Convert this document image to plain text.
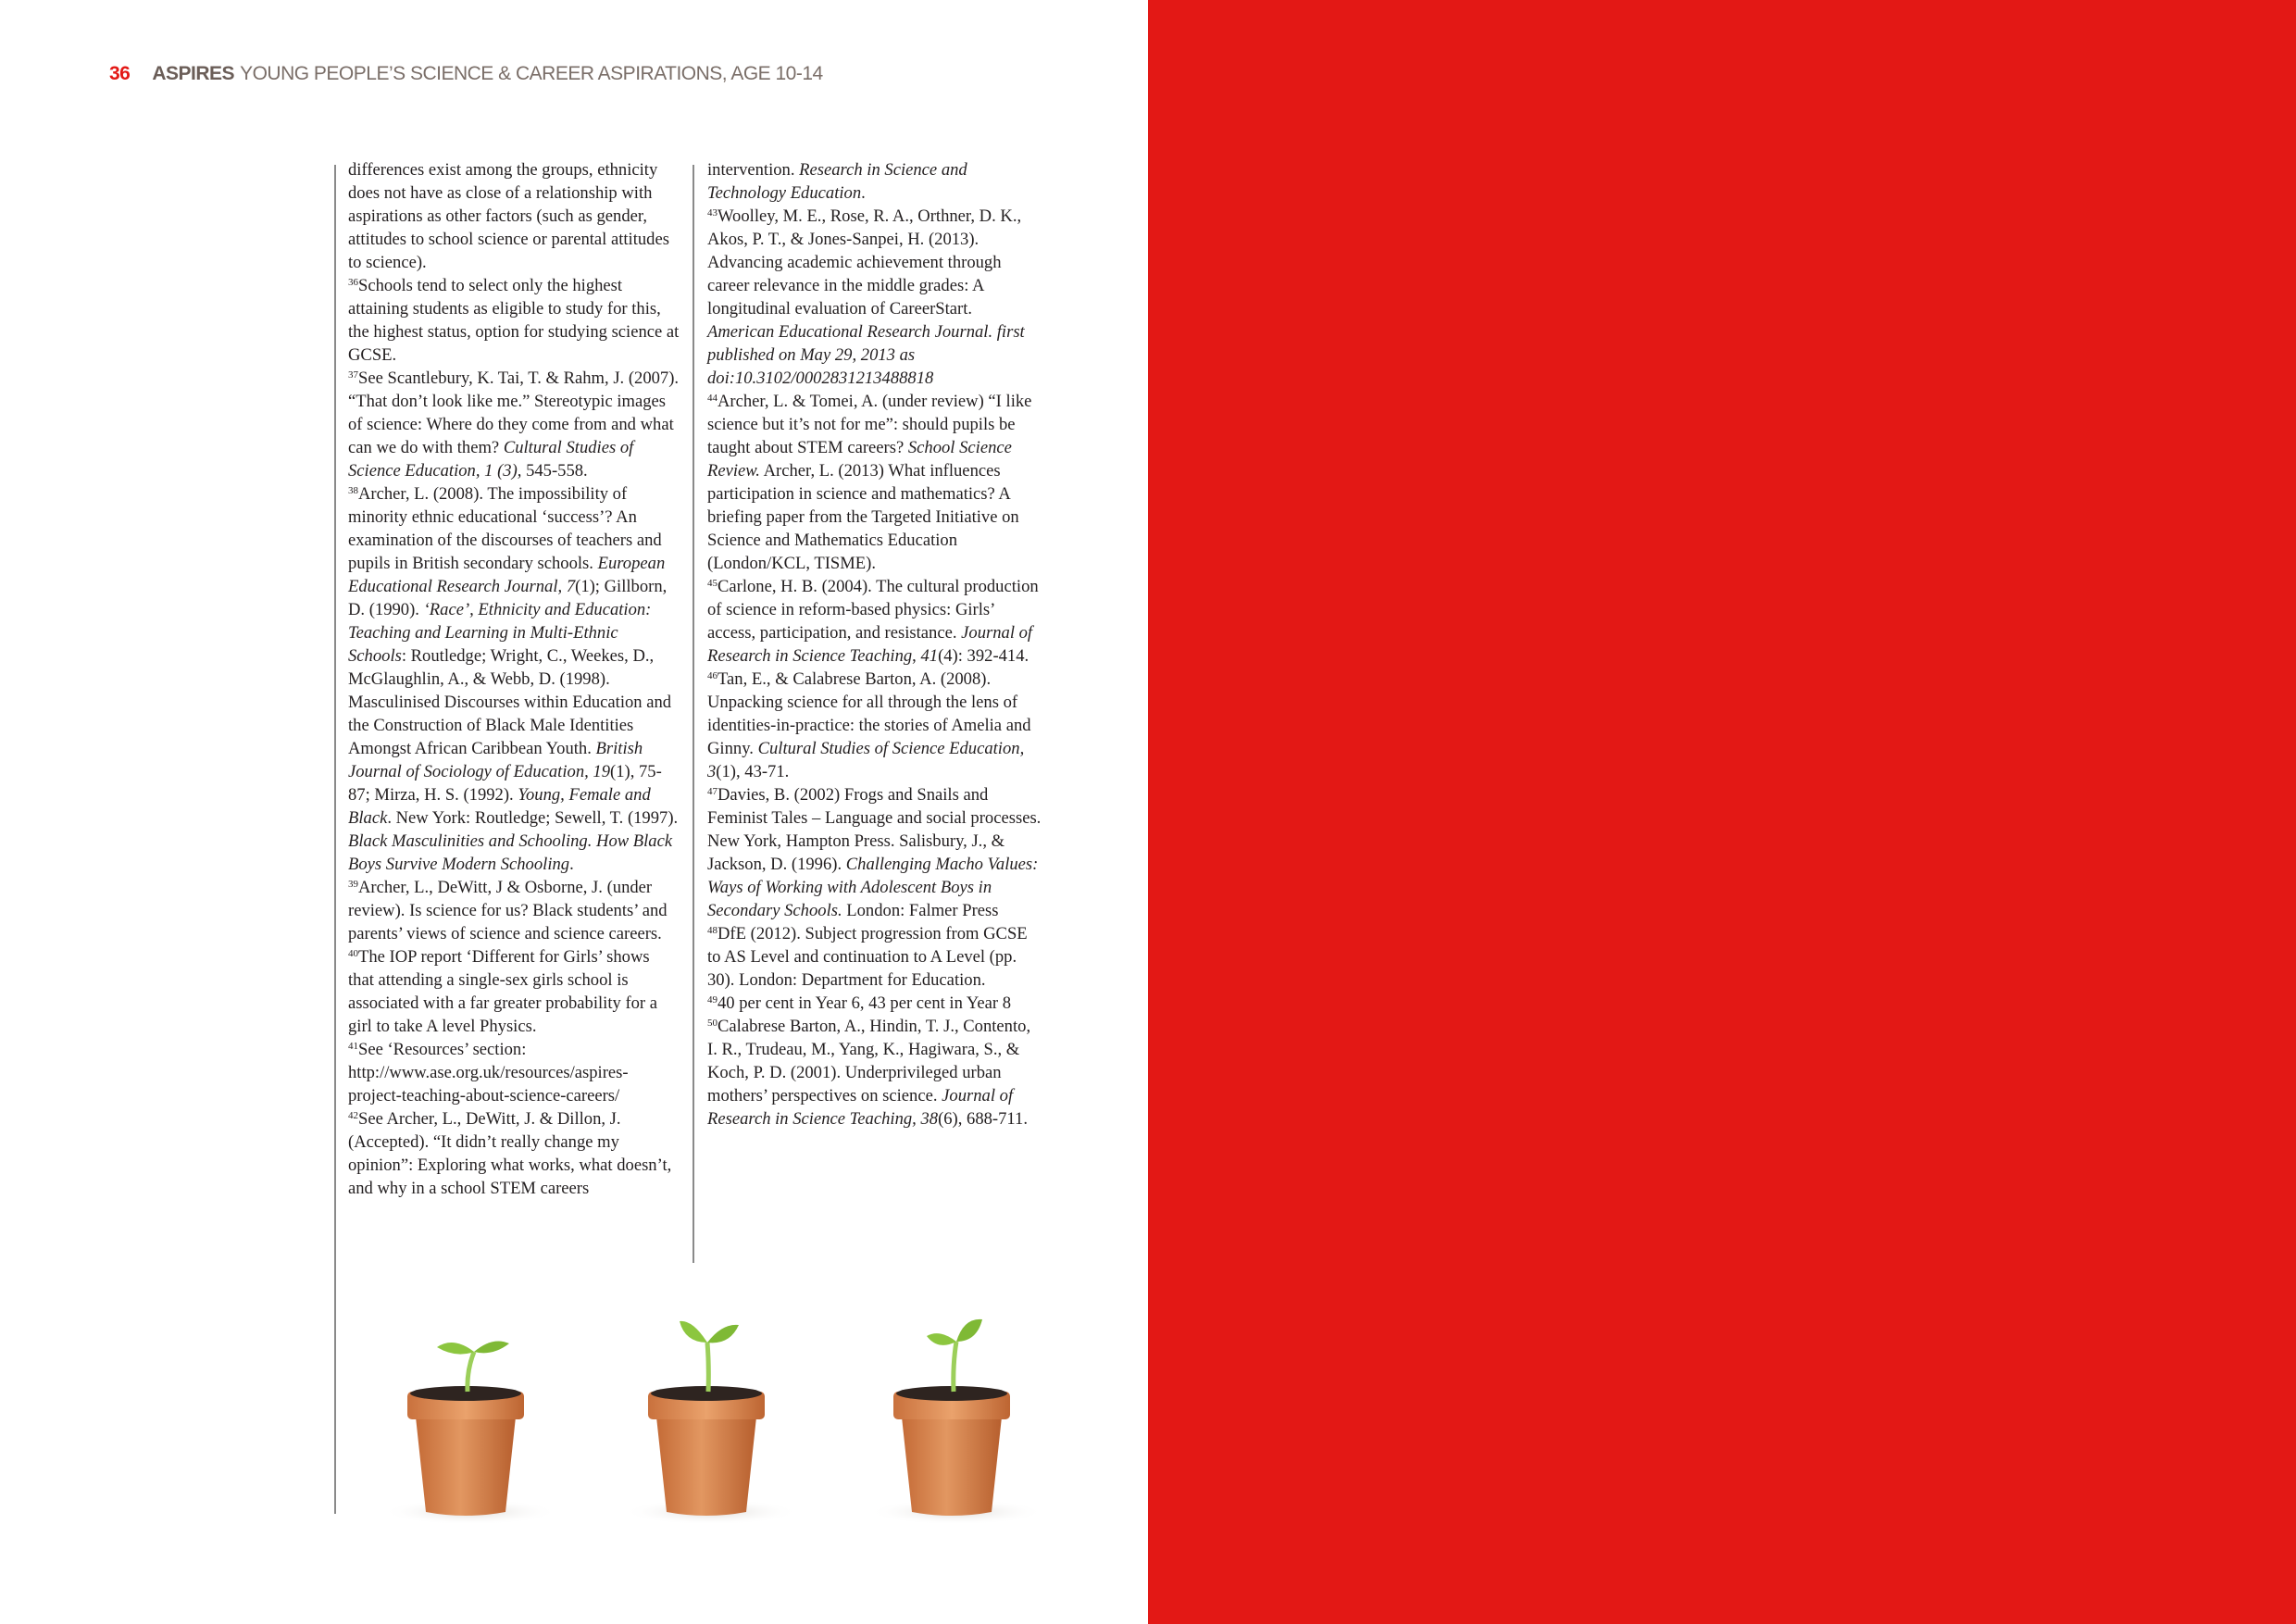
36 ASPIRES YOUNG PEOPLE’S SCIENCE & CAREER ASPIRATIONS, AGE 10-14

differences exist among the groups, ethnicity does not have as close of a relationship with aspirations as other factors (such as gender, attitudes to school science or parental attitudes to science).

$^{36}$Schools tend to select only the highest attaining students as eligible to study for this, the highest status, option for studying science at GCSE.

$^{37}$See Scantlebury, K. Tai, T. & Rahm, J. (2007). “That don’t look like me.” Stereotypic images of science: Where do they come from and what can we do with them? Cultural Studies of Science Education, 1 (3), 545-558.

$^{38}$Archer, L. (2008). The impossibility of minority ethnic educational ‘success’? An examination of the discourses of teachers and pupils in British secondary schools. European Educational Research Journal, 7(1); Gillborn, D. (1990). ‘Race’, Ethnicity and Education: Teaching and Learning in Multi-Ethnic Schools: Routledge; Wright, C., Weekes, D., McGlaughlin, A., & Webb, D. (1998). Masculinised Discourses within Education and the Construction of Black Male Identities Amongst African Caribbean Youth. British Journal of Sociology of Education, 19(1), 75-87; Mirza, H. S. (1992). Young, Female and Black. New York: Routledge; Sewell, T. (1997). Black Masculinities and Schooling. How Black Boys Survive Modern Schooling.

$^{39}$Archer, L., DeWitt, J & Osborne, J. (under review). Is science for us? Black students’ and parents’ views of science and science careers.

$^{40}$The IOP report ‘Different for Girls’ shows that attending a single-sex girls school is associated with a far greater probability for a girl to take A level Physics.

$^{41}$See ‘Resources’ section: http://www.ase.org.uk/resources/aspires-project-teaching-about-science-careers/

$^{42}$See Archer, L., DeWitt, J. & Dillon, J. (Accepted). “It didn’t really change my opinion”: Exploring what works, what doesn’t, and why in a school STEM careers

intervention. Research in Science and Technology Education.

$^{43}$Woolley, M. E., Rose, R. A., Orthner, D. K., Akos, P. T., & Jones-Sanpei, H. (2013). Advancing academic achievement through career relevance in the middle grades: A longitudinal evaluation of CareerStart. American Educational Research Journal. first published on May 29, 2013 as doi:10.3102/0002831213488818

$^{44}$Archer, L. & Tomei, A. (under review) “I like science but it’s not for me”: should pupils be taught about STEM careers? School Science Review. Archer, L. (2013) What influences participation in science and mathematics? A briefing paper from the Targeted Initiative on Science and Mathematics Education (London/KCL, TISME).

$^{45}$Carlone, H. B. (2004). The cultural production of science in reform-based physics: Girls’ access, participation, and resistance. Journal of Research in Science Teaching, 41(4): 392-414.

$^{46}$Tan, E., & Calabrese Barton, A. (2008). Unpacking science for all through the lens of identities-in-practice: the stories of Amelia and Ginny. Cultural Studies of Science Education, 3(1), 43-71.

$^{47}$Davies, B. (2002) Frogs and Snails and Feminist Tales – Language and social processes. New York, Hampton Press. Salisbury, J., & Jackson, D. (1996). Challenging Macho Values: Ways of Working with Adolescent Boys in Secondary Schools. London: Falmer Press

$^{48}$DfE (2012). Subject progression from GCSE to AS Level and continuation to A Level (pp. 30). London: Department for Education.

$^{49}$40 per cent in Year 6, 43 per cent in Year 8

$^{50}$Calabrese Barton, A., Hindin, T. J., Contento, I. R., Trudeau, M., Yang, K., Hagiwara, S., & Koch, P. D. (2001). Underprivileged urban mothers’ perspectives on science. Journal of Research in Science Teaching, 38(6), 688-711.
